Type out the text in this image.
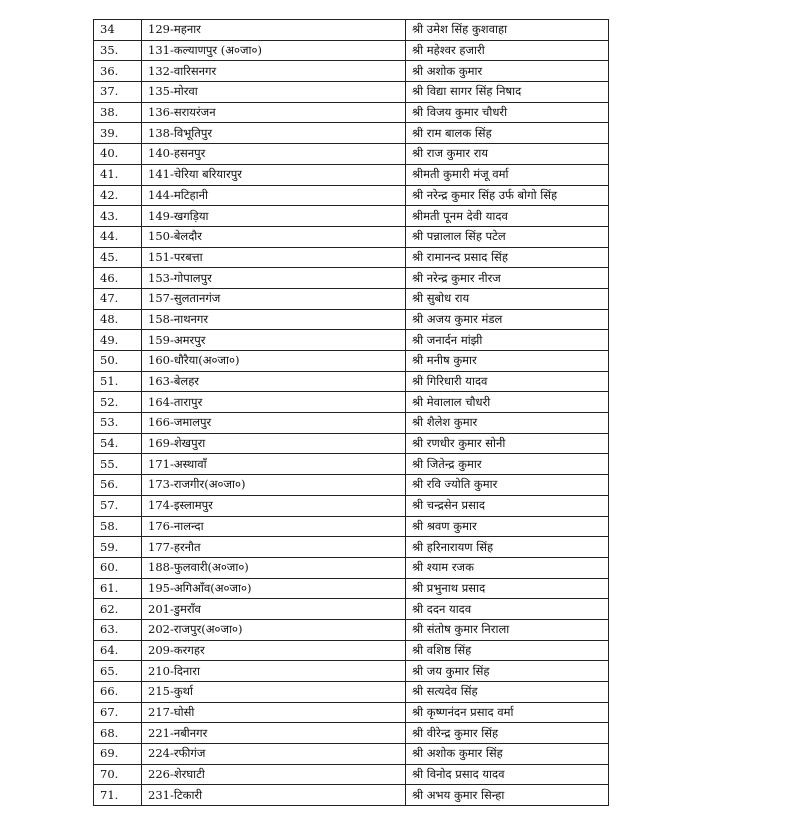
34	129-महनार	श्री उमेश सिंह कुशवाहा
35.	131-कल्याणपुर (अ०जा०)	श्री महेश्वर हजारी
36.	132-वारिसनगर	श्री अशोक कुमार
37.	135-मोरवा	श्री विद्या सागर सिंह निषाद
38.	136-सरायरंजन	श्री विजय कुमार चौधरी
39.	138-विभूतिपुर	श्री राम बालक सिंह
40.	140-हसनपुर	श्री राज कुमार राय
41.	141-चेरिया बरियारपुर	श्रीमती कुमारी मंजू वर्मा
42.	144-मटिहानी	श्री नरेन्द्र कुमार सिंह उर्फ बोगो सिंह
43.	149-खगड़िया	श्रीमती पूनम देवी यादव
44.	150-बेलदौर	श्री पन्नालाल सिंह पटेल
45.	151-परबत्ता	श्री रामानन्द प्रसाद सिंह
46.	153-गोपालपुर	श्री नरेन्द्र कुमार नीरज
47.	157-सुलतानगंज	श्री सुबोध राय
48.	158-नाथनगर	श्री अजय कुमार मंडल
49.	159-अमरपुर	श्री जनार्दन मांझी
50.	160-धौरैया(अ०जा०)	श्री मनीष कुमार
51.	163-बेलहर	श्री गिरिधारी यादव
52.	164-तारापुर	श्री मेवालाल चौधरी
53.	166-जमालपुर	श्री शैलेश कुमार
54.	169-शेखपुरा	श्री रणधीर कुमार सोनी
55.	171-अस्थावाँ	श्री जितेन्द्र कुमार
56.	173-राजगीर(अ०जा०)	श्री रवि ज्योति कुमार
57.	174-इस्लामपुर	श्री चन्द्रसेन प्रसाद
58.	176-नालन्दा	श्री श्रवण कुमार
59.	177-हरनौत	श्री हरिनारायण सिंह
60.	188-फुलवारी(अ०जा०)	श्री श्याम रजक
61.	195-अगिआँव(अ०जा०)	श्री प्रभुनाथ प्रसाद
62.	201-डुमराँव	श्री ददन यादव
63.	202-राजपुर(अ०जा०)	श्री संतोष कुमार निराला
64.	209-करगहर	श्री वशिष्ठ सिंह
65.	210-दिनारा	श्री जय कुमार सिंह
66.	215-कुर्था	श्री सत्यदेव सिंह
67.	217-घोसी	श्री कृष्णनंदन प्रसाद वर्मा
68.	221-नबीनगर	श्री वीरेन्द्र कुमार सिंह
69.	224-रफीगंज	श्री अशोक कुमार सिंह
70.	226-शेरघाटी	श्री विनोद प्रसाद यादव
71.	231-टिकारी	श्री अभय कुमार सिन्हा
